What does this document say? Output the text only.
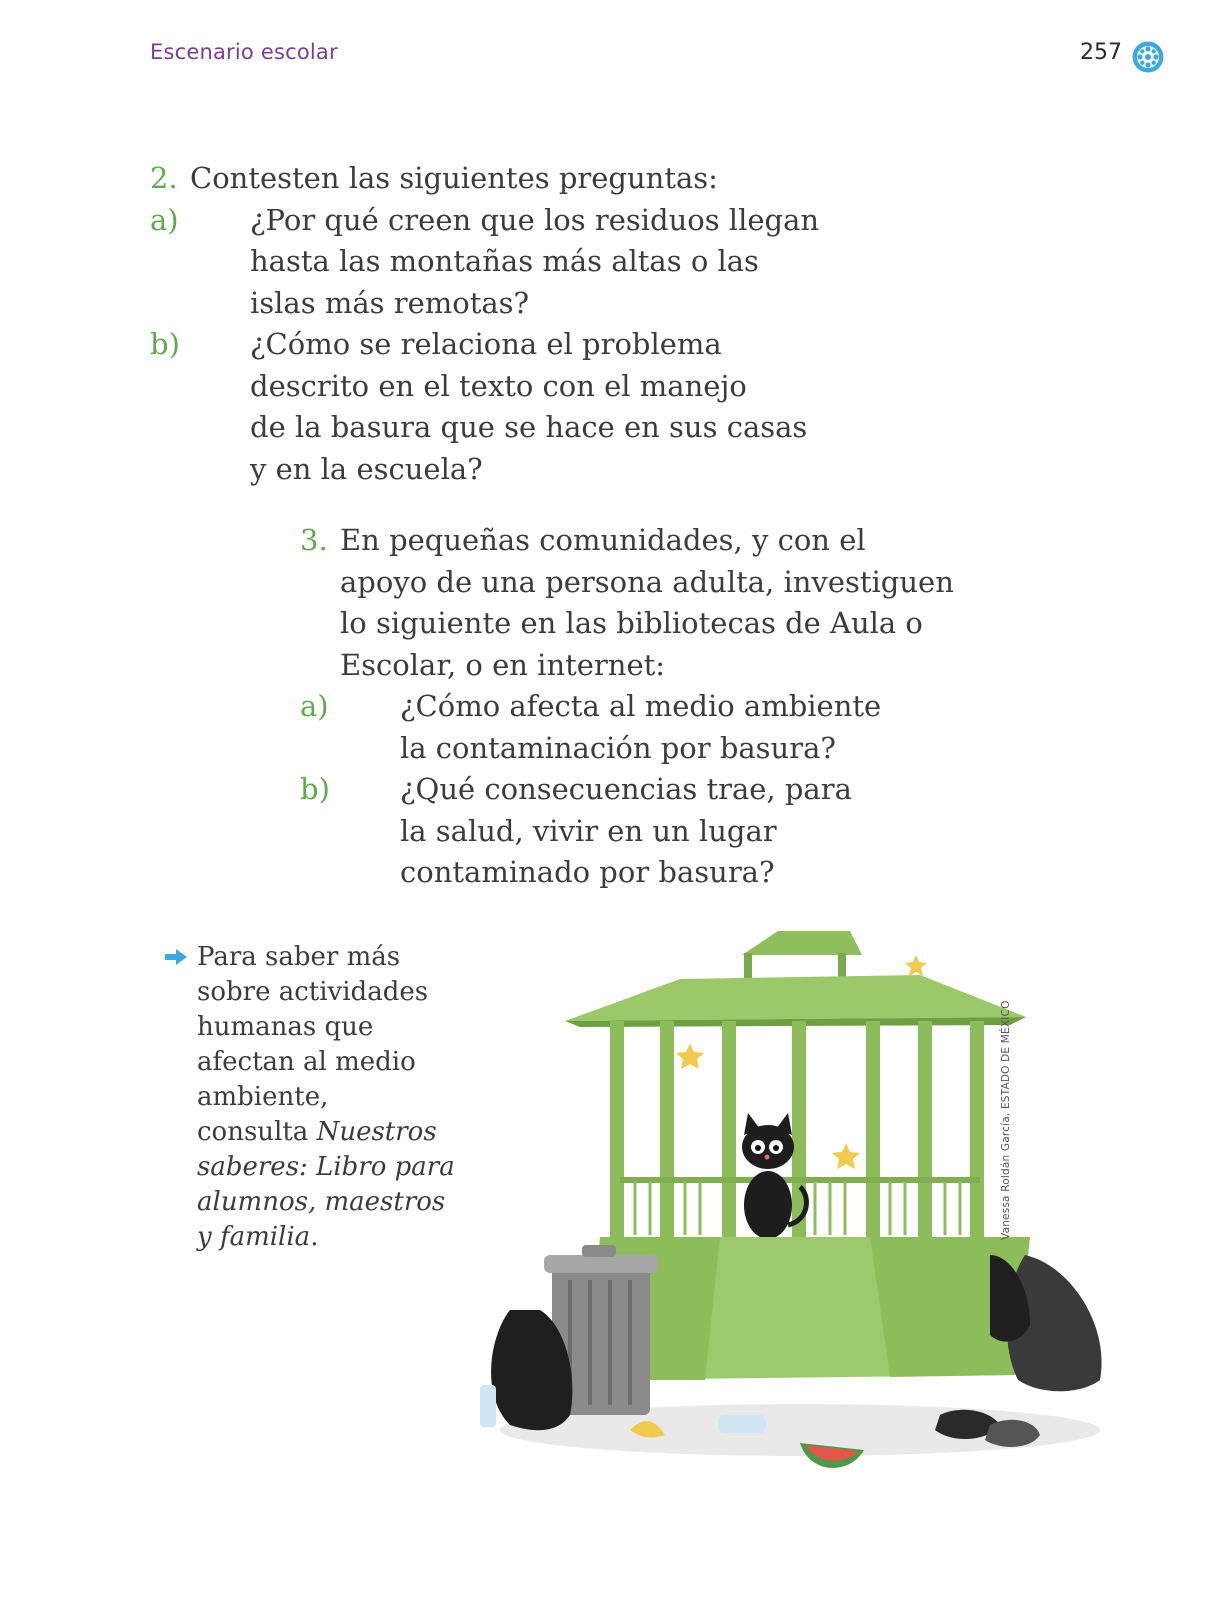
Escenario escolar	257
2. Contesten las siguientes preguntas:
a) ¿Por qué creen que los residuos llegan
hasta las montañas más altas o las
islas más remotas?
b) ¿Cómo se relaciona el problema
descrito en el texto con el manejo
de la basura que se hace en sus casas
y en la escuela?
3. En pequeñas comunidades, y con el
apoyo de una persona adulta, investiguen
lo siguiente en las bibliotecas de Aula o
Escolar, o en internet:
a) ¿Cómo afecta al medio ambiente
la contaminación por basura?
b) ¿Qué consecuencias trae, para
la salud, vivir en un lugar
contaminado por basura?
Para saber más
sobre actividades
humanas que
afectan al medio
ambiente,
consulta Nuestros
saberes: Libro para
alumnos, maestros
y familia.	Vanessa Roldán García, ESTADO DE MÉXICO
